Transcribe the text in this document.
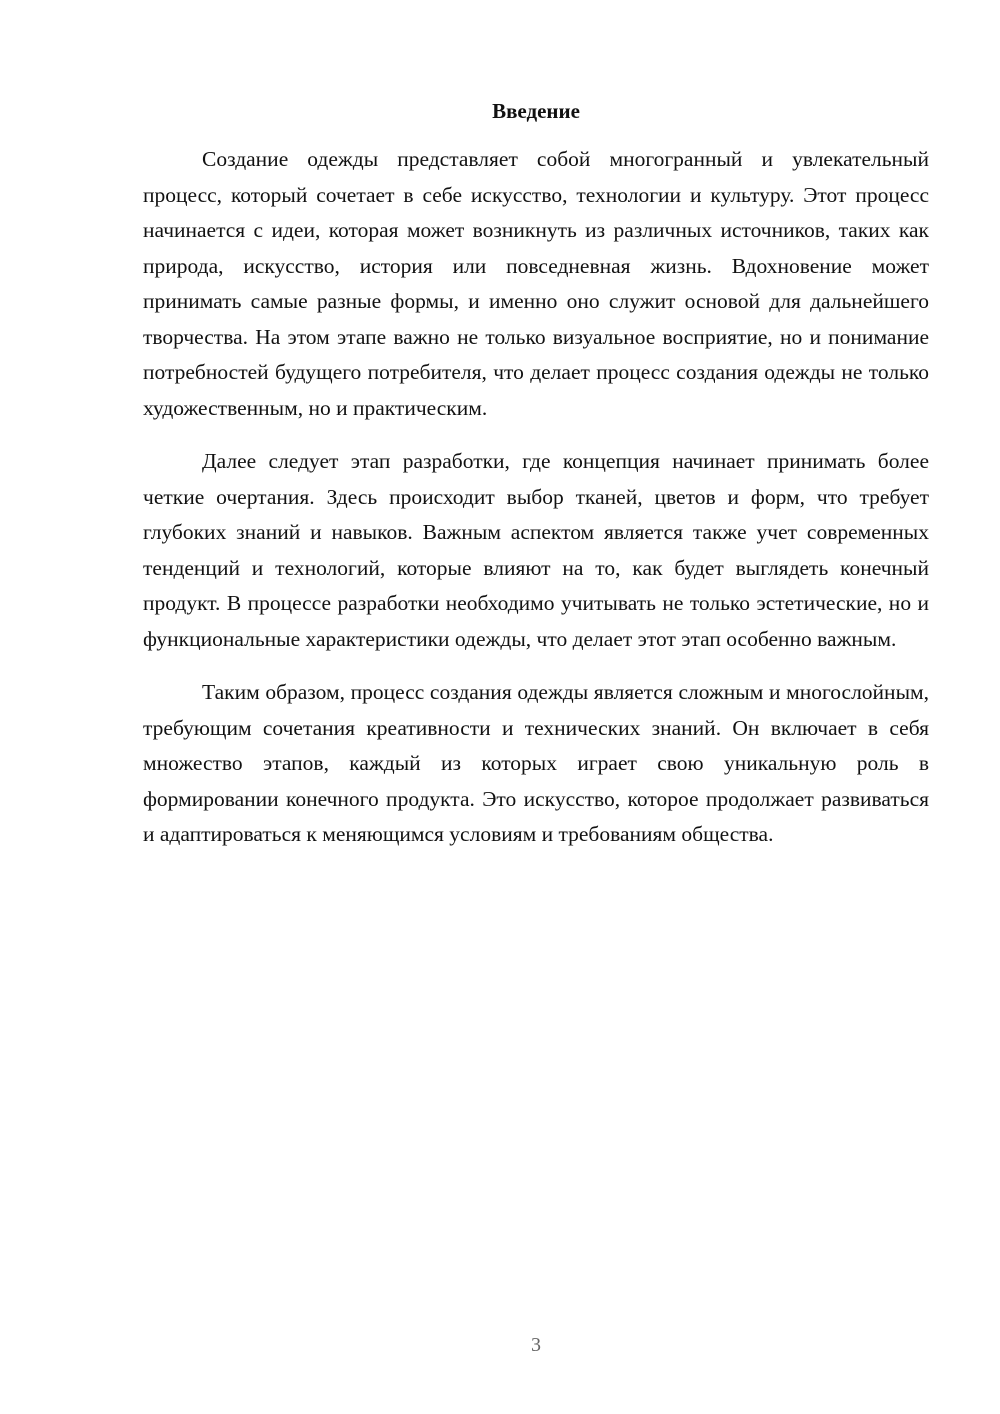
Введение

Создание одежды представляет собой многогранный и увлекательный процесс, который сочетает в себе искусство, технологии и культуру. Этот процесс начинается с идеи, которая может возникнуть из различных источников, таких как природа, искусство, история или повседневная жизнь. Вдохновение может принимать самые разные формы, и именно оно служит основой для дальнейшего творчества. На этом этапе важно не только визуальное восприятие, но и понимание потребностей будущего потребителя, что делает процесс создания одежды не только художественным, но и практическим.

Далее следует этап разработки, где концепция начинает принимать более четкие очертания. Здесь происходит выбор тканей, цветов и форм, что требует глубоких знаний и навыков. Важным аспектом является также учет современных тенденций и технологий, которые влияют на то, как будет выглядеть конечный продукт. В процессе разработки необходимо учитывать не только эстетические, но и функциональные характеристики одежды, что делает этот этап особенно важным.

Таким образом, процесс создания одежды является сложным и многослойным, требующим сочетания креативности и технических знаний. Он включает в себя множество этапов, каждый из которых играет свою уникальную роль в формировании конечного продукта. Это искусство, которое продолжает развиваться и адаптироваться к меняющимся условиям и требованиям общества.

3
